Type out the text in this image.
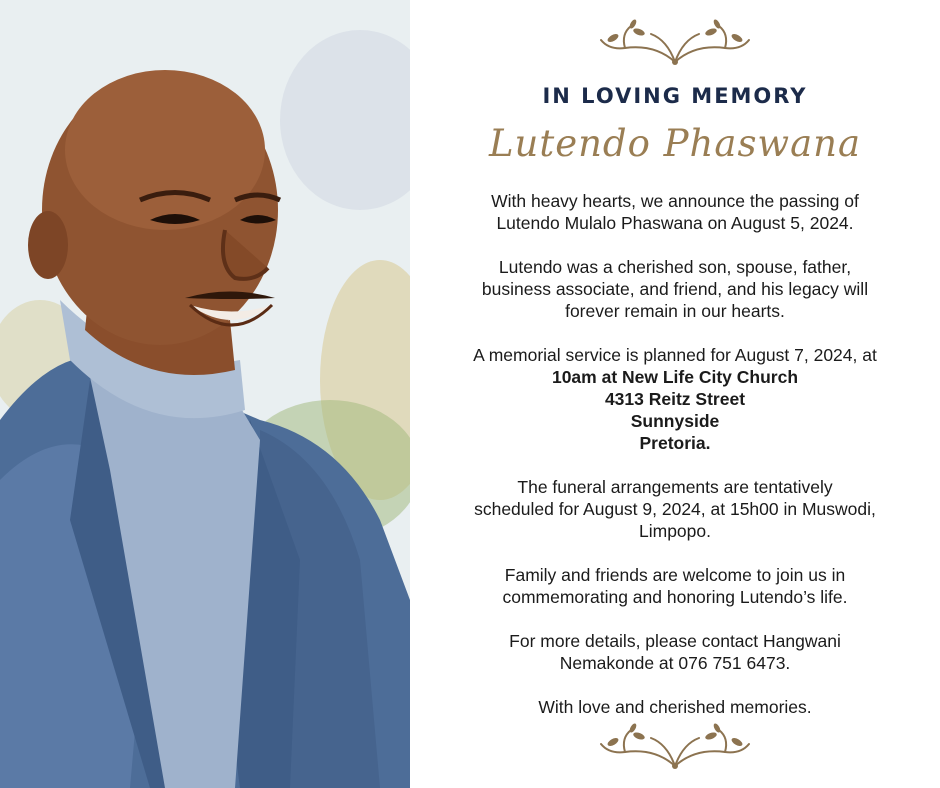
IN LOVING MEMORY
Lutendo Phaswana

With heavy hearts, we announce the passing of
Lutendo Mulalo Phaswana on August 5, 2024.

Lutendo was a cherished son, spouse, father,
business associate, and friend, and his legacy will
forever remain in our hearts.

A memorial service is planned for August 7, 2024, at
10am at New Life City Church
4313 Reitz Street
Sunnyside
Pretoria.

The funeral arrangements are tentatively
scheduled for August 9, 2024, at 15h00 in Muswodi,
Limpopo.

Family and friends are welcome to join us in
commemorating and honoring Lutendo’s life.

For more details, please contact Hangwani
Nemakonde at 076 751 6473.

With love and cherished memories.
